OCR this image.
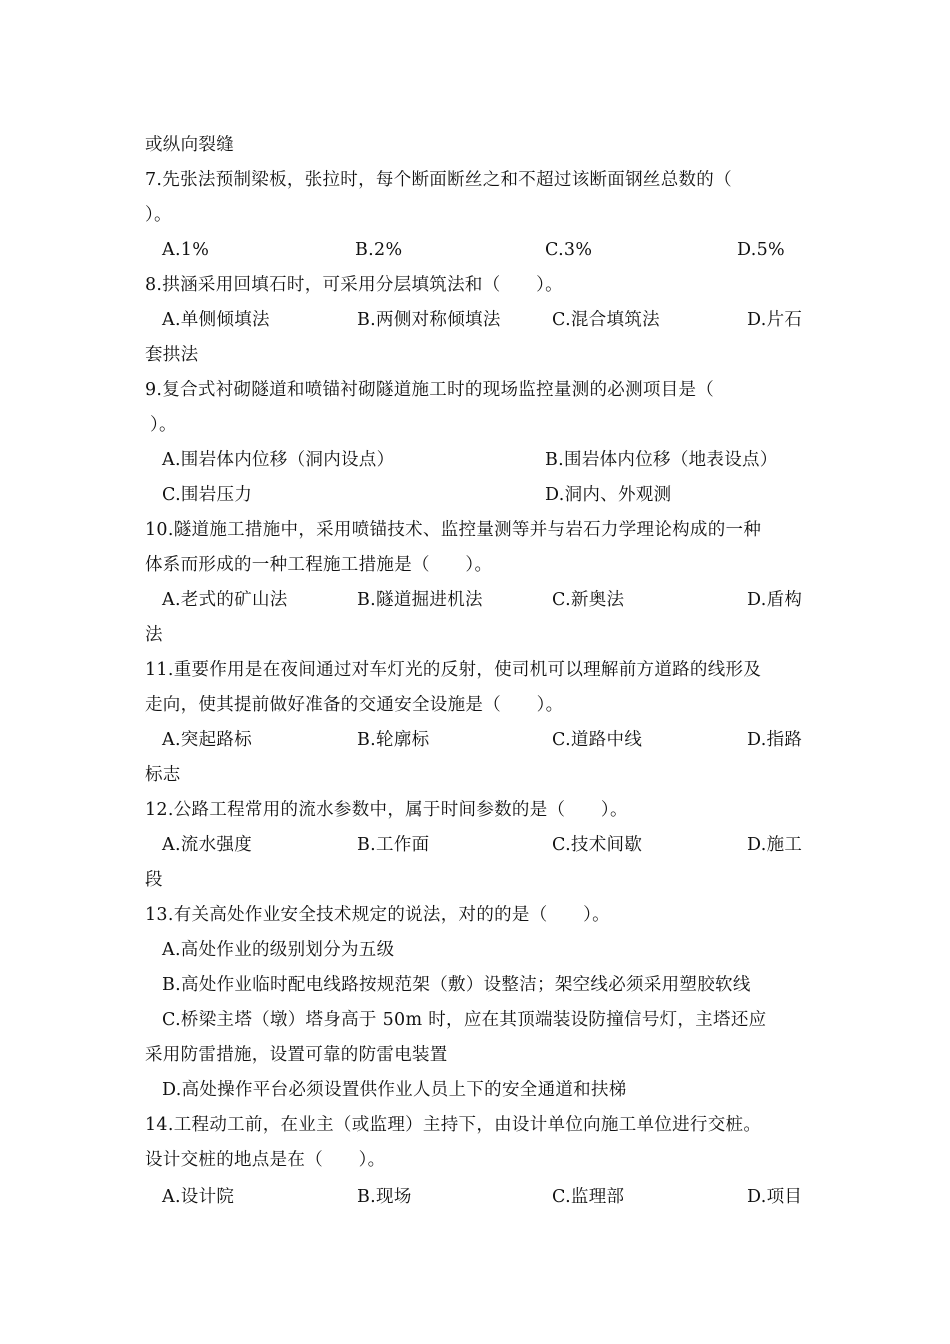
或纵向裂缝
7.先张法预制梁板，张拉时，每个断面断丝之和不超过该断面钢丝总数的（
）。
A.1%	B.2%	C.3%	D.5%
8.拱涵采用回填石时，可采用分层填筑法和（　　）。
A.单侧倾填法	B.两侧对称倾填法	C.混合填筑法	D.片石
套拱法
9.复合式衬砌隧道和喷锚衬砌隧道施工时的现场监控量测的必测项目是（
）。
A.围岩体内位移（洞内设点）	B.围岩体内位移（地表设点）
C.围岩压力	D.洞内、外观测
10.隧道施工措施中，采用喷锚技术、监控量测等并与岩石力学理论构成的一种
体系而形成的一种工程施工措施是（　　）。
A.老式的矿山法	B.隧道掘进机法	C.新奥法	D.盾构
法
11.重要作用是在夜间通过对车灯光的反射，使司机可以理解前方道路的线形及
走向，使其提前做好准备的交通安全设施是（　　）。
A.突起路标	B.轮廓标	C.道路中线	D.指路
标志
12.公路工程常用的流水参数中，属于时间参数的是（　　）。
A.流水强度	B.工作面	C.技术间歇	D.施工
段
13.有关高处作业安全技术规定的说法，对的的是（　　）。
A.高处作业的级别划分为五级
B.高处作业临时配电线路按规范架（敷）设整洁；架空线必须采用塑胶软线
C.桥梁主塔（墩）塔身高于 50m 时，应在其顶端装设防撞信号灯，主塔还应
采用防雷措施，设置可靠的防雷电装置
D.高处操作平台必须设置供作业人员上下的安全通道和扶梯
14.工程动工前，在业主（或监理）主持下，由设计单位向施工单位进行交桩。
设计交桩的地点是在（　　）。
A.设计院	B.现场	C.监理部	D.项目
